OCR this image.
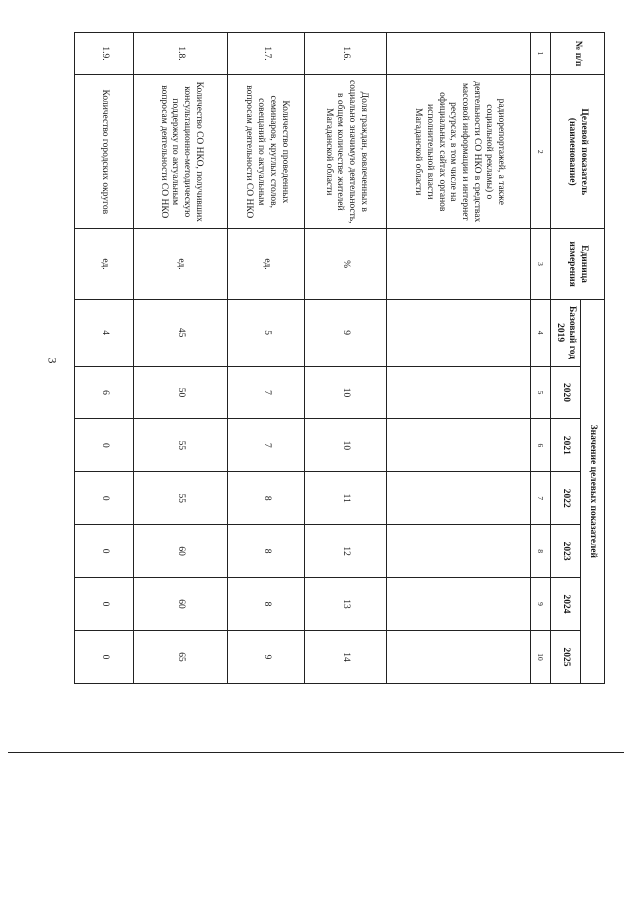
3
№ п/п	Целевой показатель (наименование)	Единица измерения	Значение целевых показателей						
			Базовый год 2019	2020	2021	2022	2023	2024	2025
1	2	3	4	5	6	7	8	9	10
	радиорепортажей, а также социальной рекламы) о деятельности СО НКО в средствах массовой информации и интернет ресурсах, в том числе на официальных сайтах органов исполнительной власти Магаданской области								
1.6.	Доля граждан, вовлеченных в социально значимую деятельность, в общем количестве жителей Магаданской области	%	9	10	10	11	12	13	14
1.7.	Количество проведенных семинаров, круглых столов, совещаний по актуальным вопросам деятельности СО НКО	ед.	5	7	7	8	8	8	9
1.8.	Количество СО НКО, получивших консультационно-методическую поддержку по актуальным вопросам деятельности СО НКО	ед.	45	50	55	55	60	60	65
1.9.	Количество городских округов	ед.	4	6	0	0	0	0	0
